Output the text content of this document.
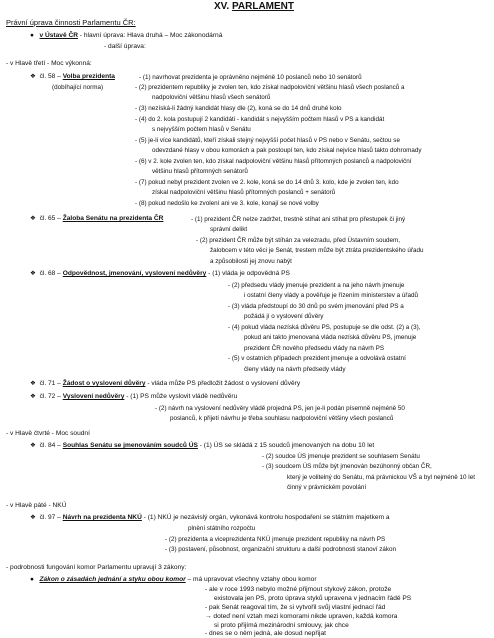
XV. PARLAMENT
Právní úprava činnosti Parlamentu ČR:
● v Ústavě ČR - hlavní úprava: Hlava druhá – Moc zákonodárná
- další úprava:
- v Hlavě třetí - Moc výkonná:
❖ čl. 58 – Volba prezidenta
(dobíhající norma)
- (1) navrhovat prezidenta je oprávněno nejméně 10 poslanců nebo 10 senátorů
- (2) prezidentem republiky je zvolen ten, kdo získal nadpoloviční většinu hlasů všech poslanců a
nadpoloviční většinu hlasů všech senátorů
- (3) nezíská-li žádný kandidát hlasy dle (2), koná se do 14 dnů druhé kolo
- (4) do 2. kola postupují 2 kandidáti - kandidát s nejvyšším počtem hlasů v PS a kandidát
s nejvyšším počtem hlasů v Senátu
- (5) je-li více kandidátů, kteří získali stejný nejvyšší počet hlasů v PS nebo v Senátu, sečtou se
odevzdané hlasy v obou komorách a pak postoupí ten, kdo získal nejvíce hlasů takto dohromady
- (6) v 2. kole zvolen ten, kdo získal nadpoloviční většinu hlasů přítomných poslanců a nadpoloviční
většinu hlasů přítomných senátorů
- (7) pokud nebyl prezident zvolen ve 2. kole, koná se do 14 dnů 3. kolo, kde je zvolen ten, kdo
získal nadpoloviční většinu hlasů přítomných poslanců + senátorů
- (8) pokud nedošlo ke zvolení ani ve 3. kole, konají se nové volby
❖ čl. 65 – Žaloba Senátu na prezidenta ČR	- (1) prezident ČR nelze zadržet, trestně stíhat ani stíhat pro přestupek či jiný
správní delikt
- (2) prezident ČR může být stíhán za velezradu, před Ústavním soudem,
žalobcem v této věci je Senát, trestem může být ztráta prezidentského úřadu
a způsobilosti jej znovu nabýt
❖ čl. 68 – Odpovědnost, jmenování, vyslovení nedůvěry - (1) vláda je odpovědná PS
- (2) předsedu vlády jmenuje prezident a na jeho návrh jmenuje
i ostatní členy vlády a pověřuje je řízením ministerstev a úřadů
- (3) vláda předstoupí do 30 dnů po svém jmenování před PS a
požádá jí o vyslovení důvěry
- (4) pokud vláda nezíská důvěru PS, postupuje se dle odst. (2) a (3),
pokud ani takto jmenovaná vláda nezíská důvěru PS, jmenuje
prezident ČR nového předsedu vlády na návrh PS
- (5) v ostatních případech prezident jmenuje a odvolává ostatní
členy vlády na návrh předsedy vlády
❖ čl. 71 – Žádost o vyslovení důvěry - vláda může PS předložit žádost o vyslovení důvěry
❖ čl. 72 – Vyslovení nedůvěry - (1) PS může vyslovit vládě nedůvěru
- (2) návrh na vyslovení nedůvěry vládě projedná PS, jen je-li podán písemně nejméně 50
poslanců, k přijetí návrhu je třeba souhlasu nadpoloviční většiny všech poslanců
- v Hlavě čtvrté - Moc soudní
❖ čl. 84 – Souhlas Senátu se jmenováním soudců ÚS - (1) ÚS se skládá z 15 soudců jmenovaných na dobu 10 let
- (2) soudce ÚS jmenuje prezident se souhlasem Senátu
- (3) soudcem ÚS může být jmenován bezúhonný občan ČR,
který je volitelný do Senátu, má právnickou VŠ a byl nejméně 10 let
činný v právnickém povolání
- v Hlavě páté - NKÚ
❖ čl. 97 – Návrh na prezidenta NKÚ - (1) NKÚ je nezávislý orgán, vykonává kontrolu hospodaření se státním majetkem a
plnění státního rozpočtu
- (2) prezidenta a viceprezidenta NKÚ jmenuje prezident republiky na návrh PS
- (3) postavení, působnost, organizační strukturu a další podrobnosti stanoví zákon
- podrobnosti fungování komor Parlamentu upravují 3 zákony:
● Zákon o zásadách jednání a styku obou komor – má upravovat všechny vztahy obou komor
- ale v roce 1993 nebylo možné přijmout stykový zákon, protože
existovala jen PS, proto úprava styků upravena v jednacím řádě PS
- pak Senát reagoval tím, že si vytvořil svůj vlastní jednací řád
→ doteď není vztah mezi komorami nikde upraven, každá komora
si proto přijímá mezinárodní smlouvy, jak chce
- dnes se o něm jedná, ale dosud nepřijat
